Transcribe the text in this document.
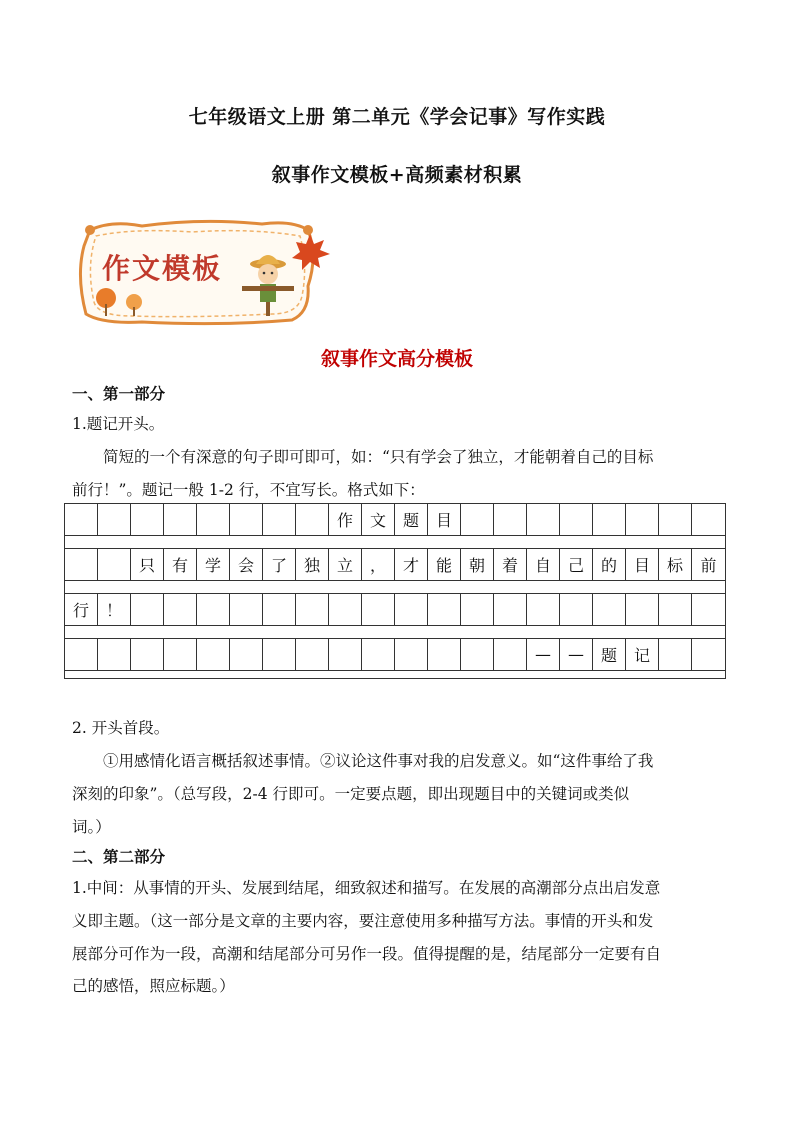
七年级语文上册 第二单元《学会记事》写作实践
叙事作文模板+高频素材积累
作文模板
叙事作文高分模板
一、第一部分
1.题记开头。
简短的一个有深意的句子即可即可，如：“只有学会了独立，才能朝着自己的目标
前行！”。题记一般 1-2 行，不宜写长。格式如下：
作	文	题	目
只	有	学	会	了	独	立	，	才	能	朝	着	自	己	的	目	标	前
行	！
—	—	题	记
2. 开头首段。
①用感情化语言概括叙述事情。②议论这件事对我的启发意义。如“这件事给了我
深刻的印象”。（总写段，2-4 行即可。一定要点题，即出现题目中的关键词或类似
词。）
二、第二部分
1.中间：从事情的开头、发展到结尾，细致叙述和描写。在发展的高潮部分点出启发意
义即主题。（这一部分是文章的主要内容，要注意使用多种描写方法。事情的开头和发
展部分可作为一段，高潮和结尾部分可另作一段。值得提醒的是，结尾部分一定要有自
己的感悟，照应标题。）
